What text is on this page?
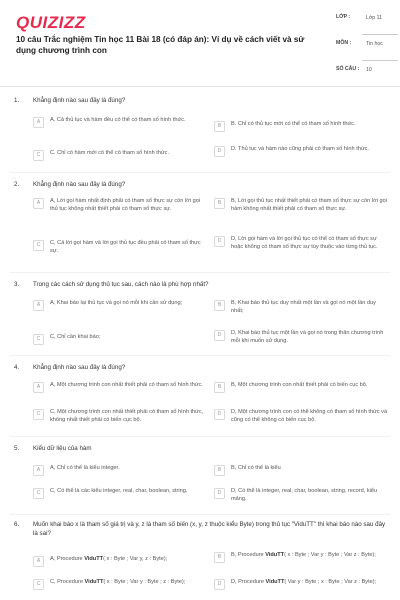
QUIZIZZ
10 câu Trắc nghiệm Tin học 11 Bài 18 (có đáp án): Ví dụ về cách viết và sử dụng chương trình con
LỚP :	Lớp 11
MÔN :	Tin học
SỐ CÂU :	10
1. Khẳng định nào sau đây là đúng?
A	A. Cả thủ tục và hàm đều có thể có tham số hình thức.
B	B. Chỉ có thủ tục mới có thể có tham số hình thức.
C	C. Chỉ có hàm mới có thể có tham số hình thức.	D	D. Thủ tục và hàm nào cũng phải có tham số hình thức.
2. Khẳng định nào sau đây là đúng?
A	A, Lời gọi hàm nhất định phải có tham số thực sự còn lời gọi thủ tục không nhất thiết phải có tham số thực sự.
B	B, Lời gọi thủ tục nhất thiết phải có tham số thực sự còn lời gọi hàm không nhất thiết phải có tham số thực sự.
C	C, Cả lời gọi hàm và lời gọi thủ tục đều phải có tham số thực sự.
D	D, Lời gọi hàm và lời gọi thủ tục có thể có tham số thực sự hoặc không có tham số thực sự tùy thuộc vào từng thủ tục.
3. Trong các cách sử dụng thủ tục sau, cách nào là phù hợp nhất?
A	A, Khai báo lại thủ tục và gọi nó mỗi khi cần sử dụng;	B	B, Khai báo thủ tục duy nhất một lần và gọi nó một lần duy nhất;
C	C, Chỉ cần khai báo;	D	D, Khai báo thủ tục một lần và gọi nó trong thân chương trình mỗi khi muốn sử dụng.
4. Khẳng định nào sau đây là đúng?
A	A, Một chương trình con nhất thiết phải có tham số hình thức.	B	B, Một chương trình con nhất thiết phải có biến cục bộ.
C	C, Một chương trình con nhất thiết phải có tham số hình thức, không nhất thiết phải có biến cục bộ.
D	D, Một chương trình con có thể không có tham số hình thức và cũng có thể không có biến cục bộ.
5. Kiểu dữ liệu của hàm
A	A, Chỉ có thể là kiểu integer.	B	B, Chỉ có thể là kiểu
C	C, Có thể là các kiểu integer, real, char, boolean, string.	D	D, Có thể là integer, real, char, boolean, string, record, kiểu mảng.
6. Muốn khai báo x là tham số giá trị và y, z là tham số biến (x, y, z thuộc kiểu Byte) trong thủ tục "ViduTT" thì khai báo nào sau đây là sai?
A	A, Procedure ViduTT( x : Byte ; Var y, z : Byte);	B	B, Procedure ViduTT( x : Byte ; Var y : Byte ; Var z : Byte);
C	C, Procedure ViduTT( x : Byte ; Var y : Byte ; z : Byte);	D	D, Procedure ViduTT( Var y : Byte ; x : Byte ; Var z : Byte);
